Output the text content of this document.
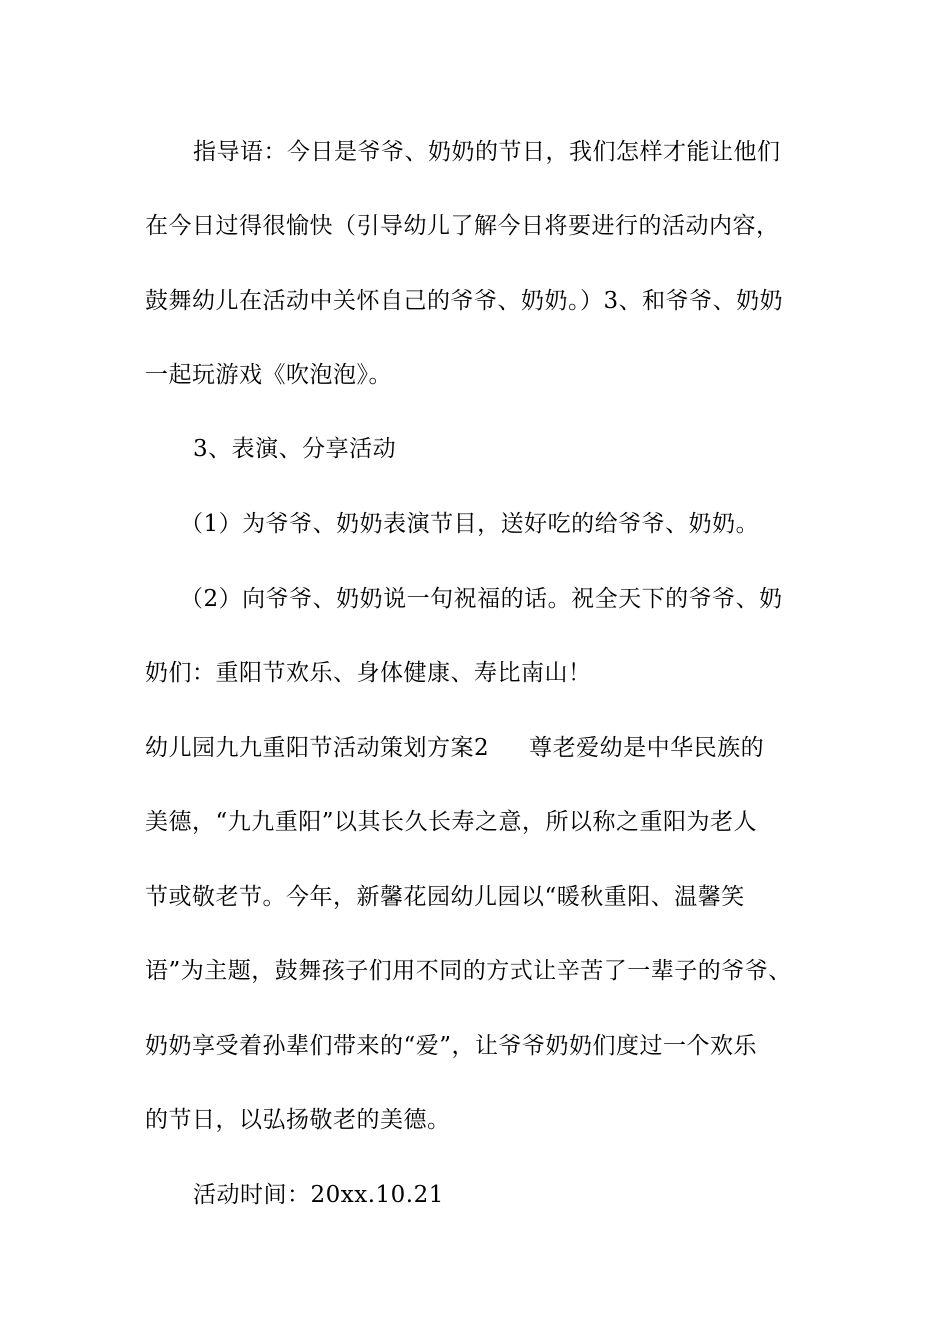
指导语：今日是爷爷、奶奶的节日，我们怎样才能让他们
在今日过得很愉快（引导幼儿了解今日将要进行的活动内容，
鼓舞幼儿在活动中关怀自己的爷爷、奶奶。）3、和爷爷、奶奶
一起玩游戏《吹泡泡》。
3、表演、分享活动
（1）为爷爷、奶奶表演节目，送好吃的给爷爷、奶奶。
（2）向爷爷、奶奶说一句祝福的话。祝全天下的爷爷、奶
奶们：重阳节欢乐、身体健康、寿比南山！
幼儿园九九重阳节活动策划方案2 尊老爱幼是中华民族的
美德，“九九重阳”以其长久长寿之意，所以称之重阳为老人
节或敬老节。今年，新馨花园幼儿园以“暖秋重阳、温馨笑
语”为主题，鼓舞孩子们用不同的方式让辛苦了一辈子的爷爷、
奶奶享受着孙辈们带来的“爱”，让爷爷奶奶们度过一个欢乐
的节日，以弘扬敬老的美德。
活动时间：20xx.10.21
